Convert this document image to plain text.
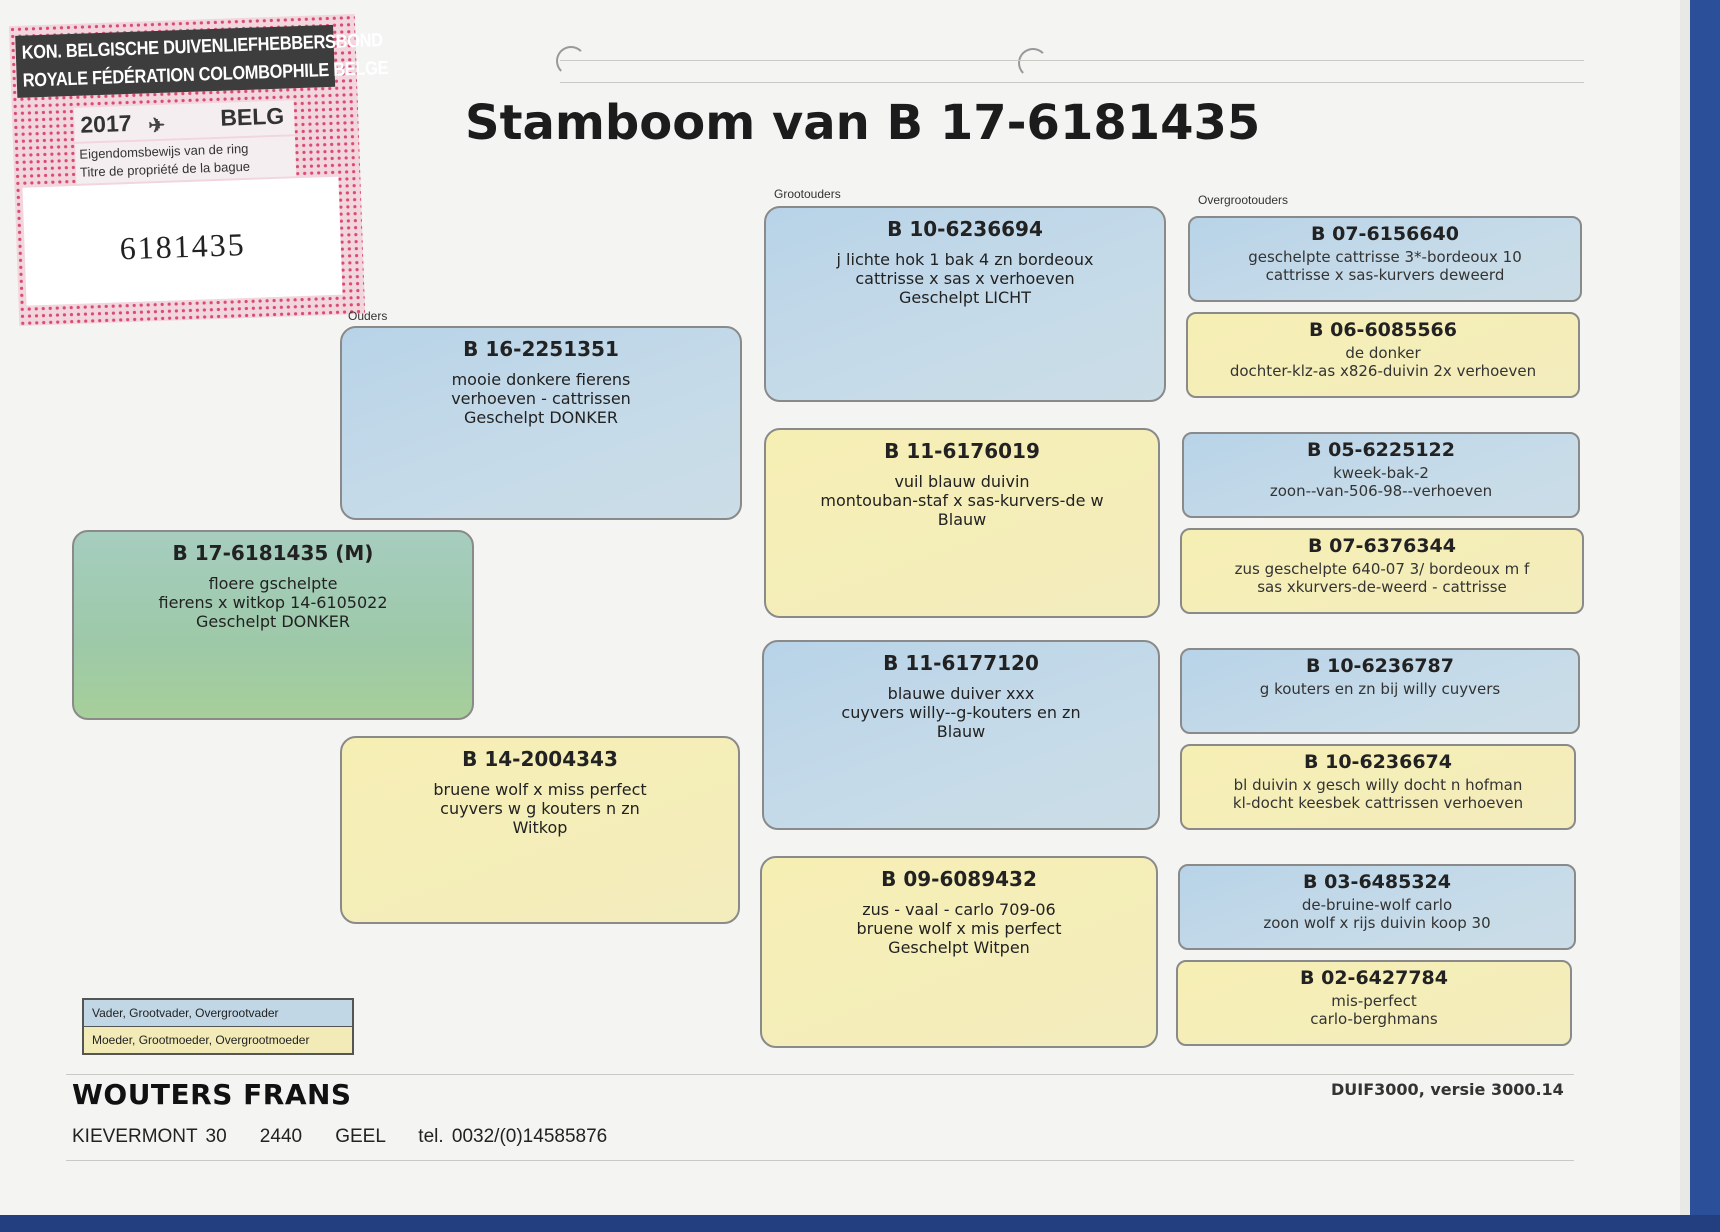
KON. BELGISCHE DUIVENLIEFHEBBERSBOND
ROYALE FÉDÉRATION COLOMBOPHILE BELGE
2017 ✈ BELG
Eigendomsbewijs van de ring
Titre de propriété de la bague
6181435
Stamboom van B 17-6181435
Grootouders	Overgrootouders
Ouders
B 17-6181435 (M)
floere gschelpte
fierens x witkop 14-6105022
Geschelpt DONKER
B 16-2251351
mooie donkere fierens
verhoeven - cattrissen
Geschelpt DONKER
B 14-2004343
bruene wolf x miss perfect
cuyvers w g kouters n zn
Witkop
B 10-6236694
j lichte hok 1 bak 4 zn bordeoux
cattrisse x sas x verhoeven
Geschelpt LICHT
B 11-6176019
vuil blauw duivin
montouban-staf x sas-kurvers-de w
Blauw
B 11-6177120
blauwe duiver xxx
cuyvers willy--g-kouters en zn
Blauw
B 09-6089432
zus - vaal - carlo 709-06
bruene wolf x mis perfect
Geschelpt Witpen
B 07-6156640
geschelpte cattrisse 3*-bordeoux 10
cattrisse x sas-kurvers deweerd
B 06-6085566
de donker
dochter-klz-as x826-duivin 2x verhoeven
B 05-6225122
kweek-bak-2
zoon--van-506-98--verhoeven
B 07-6376344
zus geschelpte 640-07 3/ bordeoux m f
sas xkurvers-de-weerd - cattrisse
B 10-6236787
g kouters en zn bij willy cuyvers
B 10-6236674
bl duivin x gesch willy docht n hofman
kl-docht keesbek cattrissen verhoeven
B 03-6485324
de-bruine-wolf carlo
zoon wolf x rijs duivin koop 30
B 02-6427784
mis-perfect
carlo-berghmans
Vader, Grootvader, Overgrootvader
Moeder, Grootmoeder, Overgrootmoeder
WOUTERS FRANS
KIEVERMONT 30    2440    GEEL    tel. 0032/(0)14585876
DUIF3000, versie 3000.14
